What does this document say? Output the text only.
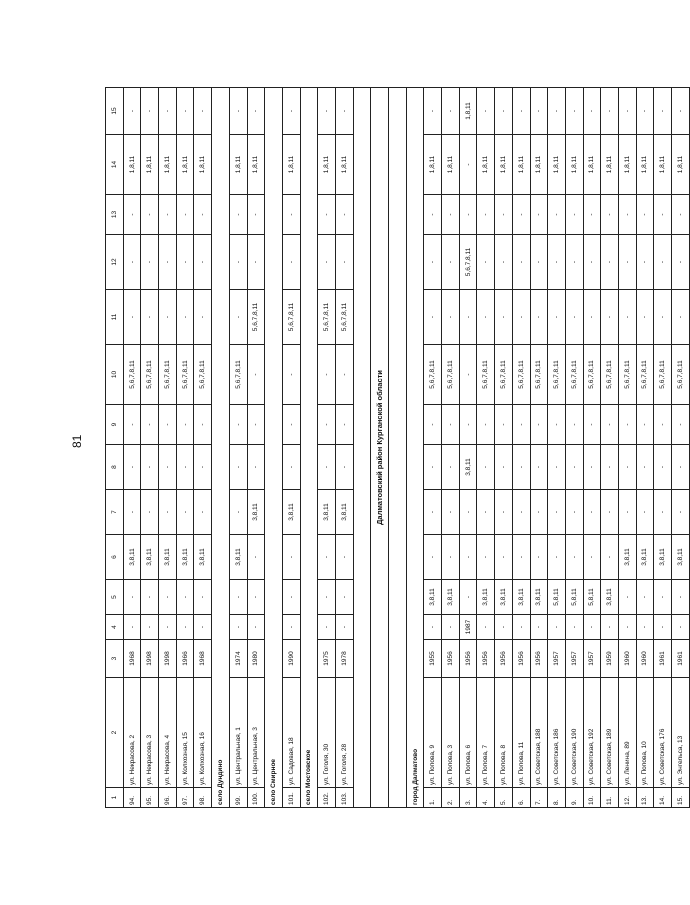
81
1	2	3	4	5	6	7	8	9	10	11	12	13	14	15
94.	ул. Некрасова, 2	1968	-	-	3,8,11	-	-	-	5,6,7,8,11	-	-	-	1,8,11	-
95.	ул. Некрасова, 3	1998	-	-	3,8,11	-	-	-	5,6,7,8,11	-	-	-	1,8,11	-
96.	ул. Некрасова, 4	1998	-	-	3,8,11	-	-	-	5,6,7,8,11	-	-	-	1,8,11	-
97.	ул. Колхозная, 15	1966	-	-	3,8,11	-	-	-	5,6,7,8,11	-	-	-	1,8,11	-
98.	ул. Колхозная, 16	1968	-	-	3,8,11	-	-	-	5,6,7,8,11	-	-	-	1,8,11	-
село Дундино														
99.	ул. Центральная, 1	1974	-	-	3,8,11	-	-	-	5,6,7,8,11	-	-	-	1,8,11	-
100.	ул. Центральная, 3	1980	-	-	-	3,8,11	-	-	-	5,6,7,8,11	-	-	1,8,11	-
село Смирное														
101.	ул. Садовая, 18	1990	-	-	-	3,8,11	-	-	-	5,6,7,8,11	-	-	1,8,11	-
село Мостовское														
102.	ул. Гоголя, 30	1975	-	-	-	3,8,11	-	-	-	5,6,7,8,11	-	-	1,8,11	-
103.	ул. Гоголя, 28	1978	-	-	-	3,8,11	-	-	-	5,6,7,8,11	-	-	1,8,11	-

Далматовский район Курганской области														

город Далматово														
1.	ул. Попова, 9	1955	-	3,8,11	-	-	-	-	5,6,7,8,11	-	-	-	1,8,11	-
2.	ул. Попова, 3	1956	-	3,8,11	-	-	-	-	5,6,7,8,11	-	-	-	1,8,11	-
3.	ул. Попова, 6	1956	1987	-	-	-	3,8,11	-	-	-	5,6,7,8,11	-	-	1,8,11
4.	ул. Попова, 7	1956	-	3,8,11	-	-	-	-	5,6,7,8,11	-	-	-	1,8,11	-
5.	ул. Попова, 8	1956	-	3,8,11	-	-	-	-	5,6,7,8,11	-	-	-	1,8,11	-
6.	ул. Попова, 11	1956	-	3,8,11	-	-	-	-	5,6,7,8,11	-	-	-	1,8,11	-
7.	ул. Советская, 188	1956	-	3,8,11	-	-	-	-	5,6,7,8,11	-	-	-	1,8,11	-
8.	ул. Советская, 186	1957	-	5,8,11	-	-	-	-	5,6,7,8,11	-	-	-	1,8,11	-
9.	ул. Советская, 190	1957	-	5,8,11	-	-	-	-	5,6,7,8,11	-	-	-	1,8,11	-
10.	ул. Советская, 192	1957	-	5,8,11	-	-	-	-	5,6,7,8,11	-	-	-	1,8,11	-
11.	ул. Советская, 189	1959	-	3,8,11	-	-	-	-	5,6,7,8,11	-	-	-	1,8,11	-
12.	ул. Ленина, 89	1960	-	-	3,8,11	-	-	-	5,6,7,8,11	-	-	-	1,8,11	-
13.	ул. Попова, 10	1960	-	-	3,8,11	-	-	-	5,6,7,8,11	-	-	-	1,8,11	-
14.	ул. Советская, 176	1961	-	-	3,8,11	-	-	-	5,6,7,8,11	-	-	-	1,8,11	-
15.	ул. Энгельса, 13	1961	-	-	3,8,11	-	-	-	5,6,7,8,11	-	-	-	1,8,11	-
